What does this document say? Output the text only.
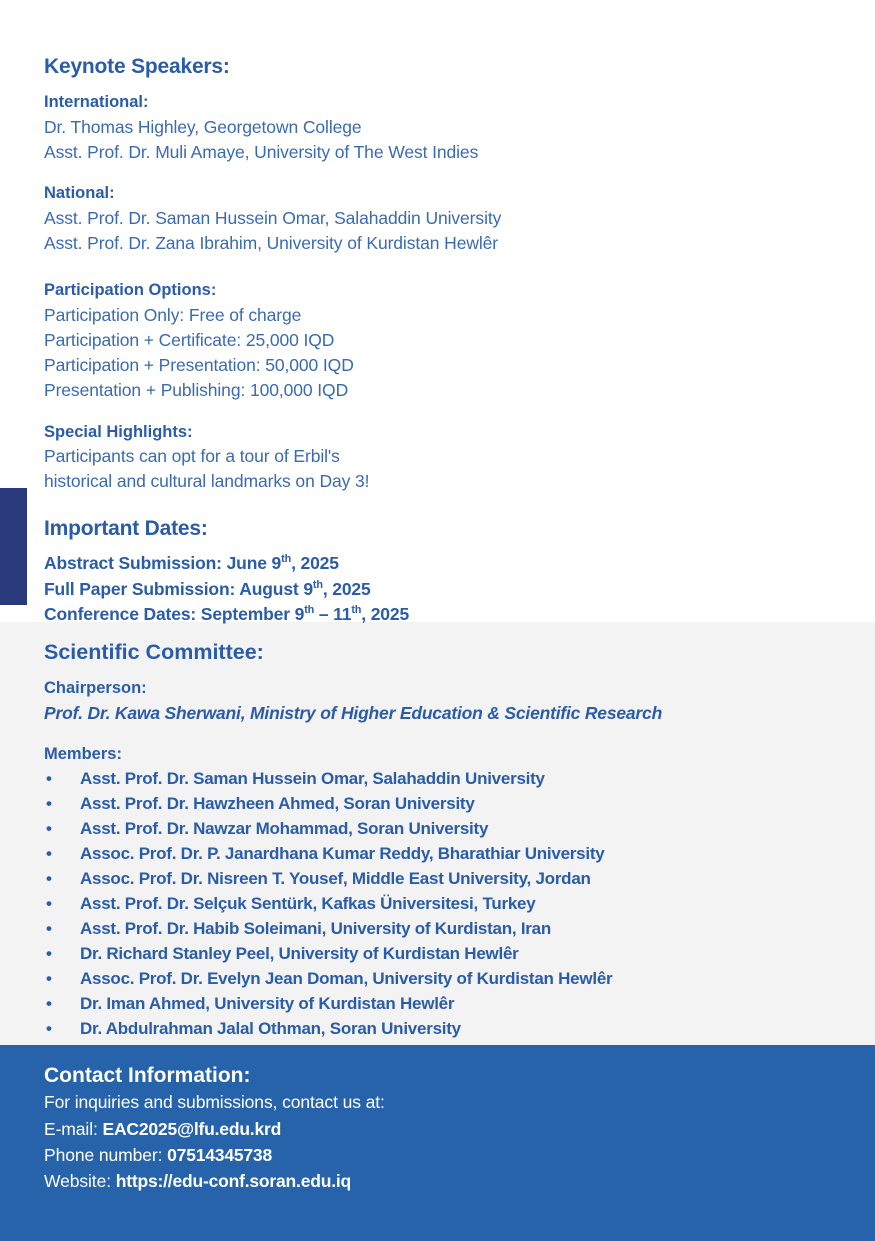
Keynote Speakers:
International:

Dr. Thomas Highley, Georgetown College

Asst. Prof. Dr. Muli Amaye, University of The West Indies

National:

Asst. Prof. Dr. Saman Hussein Omar, Salahaddin University

Asst. Prof. Dr. Zana Ibrahim, University of Kurdistan Hewlêr

Participation Options:

Participation Only: Free of charge

Participation + Certificate: 25,000 IQD

Participation + Presentation: 50,000 IQD

Presentation + Publishing: 100,000 IQD

Special Highlights:

Participants can opt for a tour of Erbil's

historical and cultural landmarks on Day 3!

Important Dates:

Abstract Submission: June 9th, 2025

Full Paper Submission: August 9th, 2025

Conference Dates: September 9th – 11th, 2025

Scientific Committee:
Chairperson:

Prof. Dr. Kawa Sherwani, Ministry of Higher Education & Scientific Research

Members:
• Asst. Prof. Dr. Saman Hussein Omar, Salahaddin University
• Asst. Prof. Dr. Hawzheen Ahmed, Soran University
• Asst. Prof. Dr. Nawzar Mohammad, Soran University
• Assoc. Prof. Dr. P. Janardhana Kumar Reddy, Bharathiar University
• Assoc. Prof. Dr. Nisreen T. Yousef, Middle East University, Jordan
• Asst. Prof. Dr. Selçuk Sentürk, Kafkas Üniversitesi, Turkey
• Asst. Prof. Dr. Habib Soleimani, University of Kurdistan, Iran
• Dr. Richard Stanley Peel, University of Kurdistan Hewlêr
• Assoc. Prof. Dr. Evelyn Jean Doman, University of Kurdistan Hewlêr
• Dr. Iman Ahmed, University of Kurdistan Hewlêr
• Dr. Abdulrahman Jalal Othman, Soran University
Contact Information:

For inquiries and submissions, contact us at:

E-mail: EAC2025@lfu.edu.krd

Phone number: 07514345738

Website: https://edu-conf.soran.edu.iq
